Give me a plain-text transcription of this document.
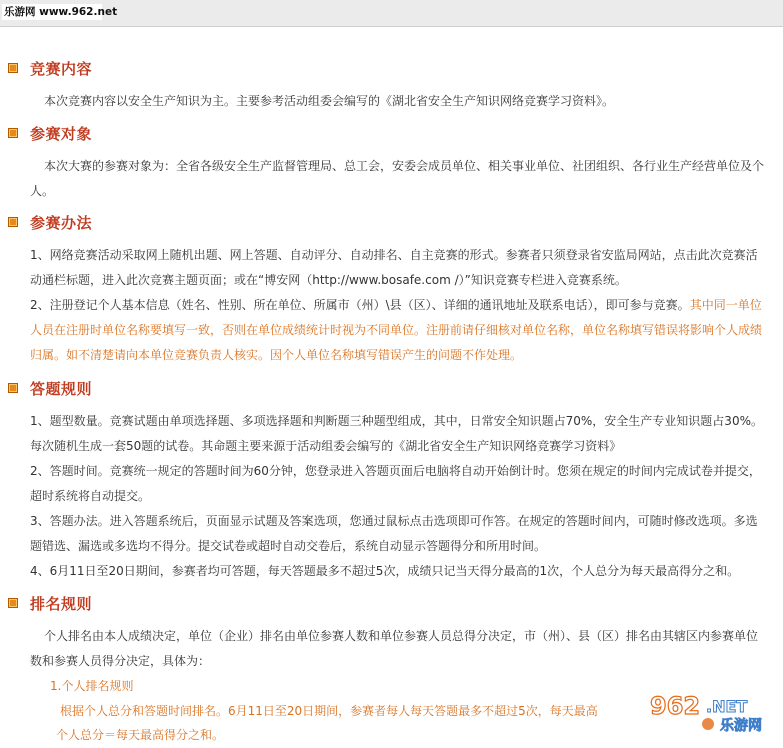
乐游网 www.962.net
竞赛内容
本次竞赛内容以安全生产知识为主。主要参考活动组委会编写的《湖北省安全生产知识网络竞赛学习资料》。
参赛对象
本次大赛的参赛对象为：全省各级安全生产监督管理局、总工会，安委会成员单位、相关事业单位、社团组织、各行业生产经营单位及个人。
参赛办法
1、网络竞赛活动采取网上随机出题、网上答题、自动评分、自动排名、自主竞赛的形式。参赛者只须登录省安监局网站，点击此次竞赛活动通栏标题，进入此次竞赛主题页面；或在“博安网（http://www.bosafe.com /）”知识竞赛专栏进入竞赛系统。
2、注册登记个人基本信息（姓名、性别、所在单位、所属市（州）\县（区）、详细的通讯地址及联系电话），即可参与竞赛。其中同一单位人员在注册时单位名称要填写一致，否则在单位成绩统计时视为不同单位。注册前请仔细核对单位名称，单位名称填写错误将影响个人成绩归属。如不清楚请向本单位竞赛负责人核实。因个人单位名称填写错误产生的问题不作处理。
答题规则
1、题型数量。竞赛试题由单项选择题、多项选择题和判断题三种题型组成，其中，日常安全知识题占70%，安全生产专业知识题占30%。每次随机生成一套50题的试卷。其命题主要来源于活动组委会编写的《湖北省安全生产知识网络竞赛学习资料》
2、答题时间。竞赛统一规定的答题时间为60分钟，您登录进入答题页面后电脑将自动开始倒计时。您须在规定的时间内完成试卷并提交，超时系统将自动提交。
3、答题办法。进入答题系统后，页面显示试题及答案选项，您通过鼠标点击选项即可作答。在规定的答题时间内，可随时修改选项。多选题错选、漏选或多选均不得分。提交试卷或超时自动交卷后，系统自动显示答题得分和所用时间。
4、6月11日至20日期间，参赛者均可答题，每天答题最多不超过5次，成绩只记当天得分最高的1次，个人总分为每天最高得分之和。
排名规则
个人排名由本人成绩决定，单位（企业）排名由单位参赛人数和单位参赛人员总得分决定，市（州）、县（区）排名由其辖区内参赛单位数和参赛人员得分决定，具体为：
1.个人排名规则
根据个人总分和答题时间排名。6月11日至20日期间，参赛者每人每天答题最多不超过5次，每天最高
个人总分＝每天最高得分之和。
962 .NET
乐游网
